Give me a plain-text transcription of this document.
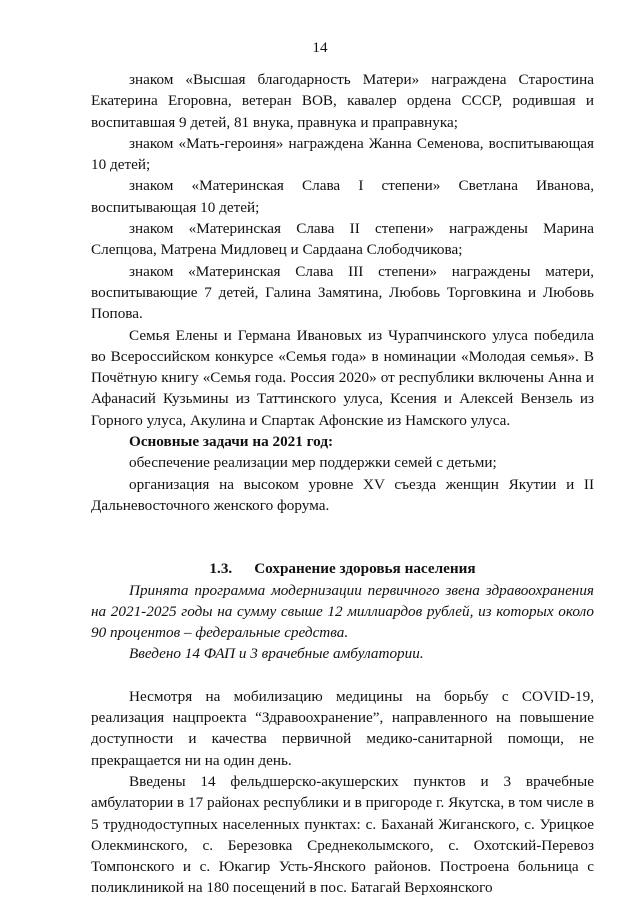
14

знаком «Высшая благодарность Матери» награждена Старостина Екатерина Егоровна, ветеран ВОВ, кавалер ордена СССР, родившая и воспитавшая 9 детей, 81 внука, правнука и праправнука;

знаком «Мать-героиня» награждена Жанна Семенова, воспитывающая 10 детей;

знаком «Материнская Слава I степени» Светлана Иванова, воспитывающая 10 детей;

знаком «Материнская Слава II степени» награждены Марина Слепцова, Матрена Мидловец и Сардаана Слободчикова;

знаком «Материнская Слава III степени» награждены матери, воспитывающие 7 детей, Галина Замятина, Любовь Торговкина и Любовь Попова.

Семья Елены и Германа Ивановых из Чурапчинского улуса победила во Всероссийском конкурсе «Семья года» в номинации «Молодая семья». В Почётную книгу «Семья года. Россия 2020» от республики включены Анна и Афанасий Кузьмины из Таттинского улуса, Ксения и Алексей Вензель из Горного улуса, Акулина и Спартак Афонские из Намского улуса.

Основные задачи на 2021 год:

обеспечение реализации мер поддержки семей с детьми;

организация на высоком уровне XV съезда женщин Якутии и II Дальневосточного женского форума.

1.3. Сохранение здоровья населения

Принята программа модернизации первичного звена здравоохранения на 2021-2025 годы на сумму свыше 12 миллиардов рублей, из которых около 90 процентов – федеральные средства.

Введено 14 ФАП и 3 врачебные амбулатории.

Несмотря на мобилизацию медицины на борьбу с COVID-19, реализация нацпроекта “Здравоохранение”, направленного на повышение доступности и качества первичной медико-санитарной помощи, не прекращается ни на один день.

Введены 14 фельдшерско-акушерских пунктов и 3 врачебные амбулатории в 17 районах республики и в пригороде г. Якутска, в том числе в 5 труднодоступных населенных пунктах: с. Баханай Жиганского, с. Урицкое Олекминского, с. Березовка Среднеколымского, с. Охотский-Перевоз Томпонского и с. Юкагир Усть-Янского районов. Построена больница с поликлиникой на 180 посещений в пос. Батагай Верхоянского
